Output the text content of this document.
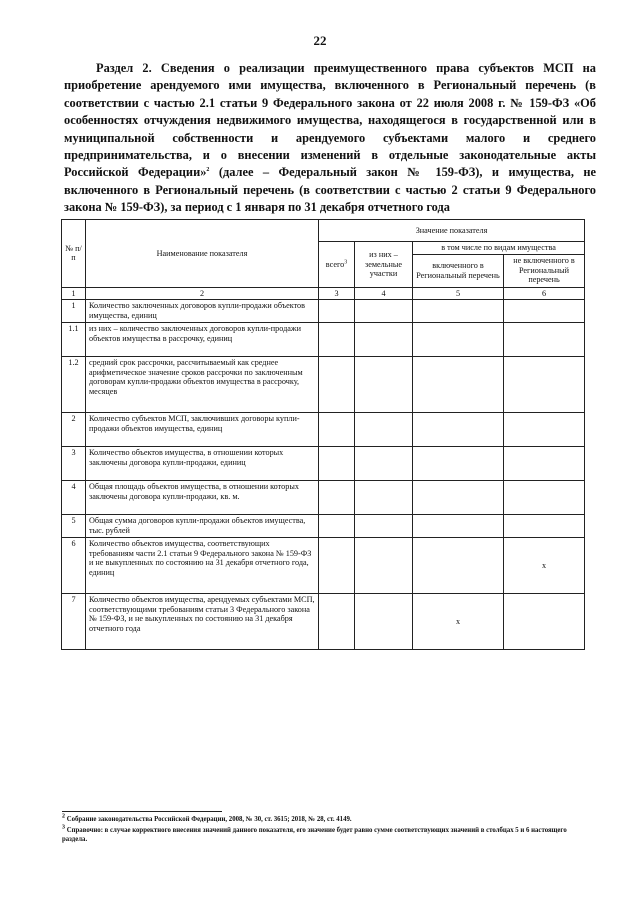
22
Раздел 2. Сведения о реализации преимущественного права субъектов МСП на приобретение арендуемого ими имущества, включенного в Региональный перечень (в соответствии с частью 2.1 статьи 9 Федерального закона от 22 июля 2008 г. № 159-ФЗ «Об особенностях отчуждения недвижимого имущества, находящегося в государственной или в муниципальной собственности и арендуемого субъектами малого и среднего предпринимательства, и о внесении изменений в отдельные законодательные акты Российской Федерации»$^2$ (далее – Федеральный закон № 159-ФЗ), и имущества, не включенного в Региональный перечень (в соответствии с частью 2 статьи 9 Федерального закона № 159-ФЗ), за период с 1 января по 31 декабря отчетного года
№ п/п	Наименование показателя	Значение показателя			
		всего$^3$	из них – земельные участки	в том числе по видам имущества	
				включенного в Региональный перечень	не включенного в Региональный перечень
1	2	3	4	5	6
1	Количество заключенных договоров купли-продажи объектов имущества, единиц				
1.1	из них – количество заключенных договоров купли-продажи объектов имущества в рассрочку, единиц				
1.2	средний срок рассрочки, рассчитываемый как среднее арифметическое значение сроков рассрочки по заключенным договорам купли-продажи объектов имущества в рассрочку, месяцев				
2	Количество субъектов МСП, заключивших договоры купли-продажи объектов имущества, единиц				
3	Количество объектов имущества, в отношении которых заключены договора купли-продажи, единиц				
4	Общая площадь объектов имущества, в отношении которых заключены договора купли-продажи, кв. м.				
5	Общая сумма договоров купли-продажи объектов имущества, тыс. рублей				
6	Количество объектов имущества, соответствующих требованиям части 2.1 статьи 9 Федерального закона № 159-ФЗ и не выкупленных по состоянию на 31 декабря отчетного года, единиц				х
7	Количество объектов имущества, арендуемых субъектами МСП, соответствующими требованиям статьи 3 Федерального закона № 159-ФЗ, и не выкупленных по состоянию на 31 декабря отчетного года			х	
$^2$ Собрание законодательства Российской Федерации, 2008, № 30, ст. 3615; 2018, № 28, ст. 4149.
$^3$ Справочно: в случае корректного внесения значений данного показателя, его значение будет равно сумме соответствующих значений в столбцах 5 и 6 настоящего раздела.
